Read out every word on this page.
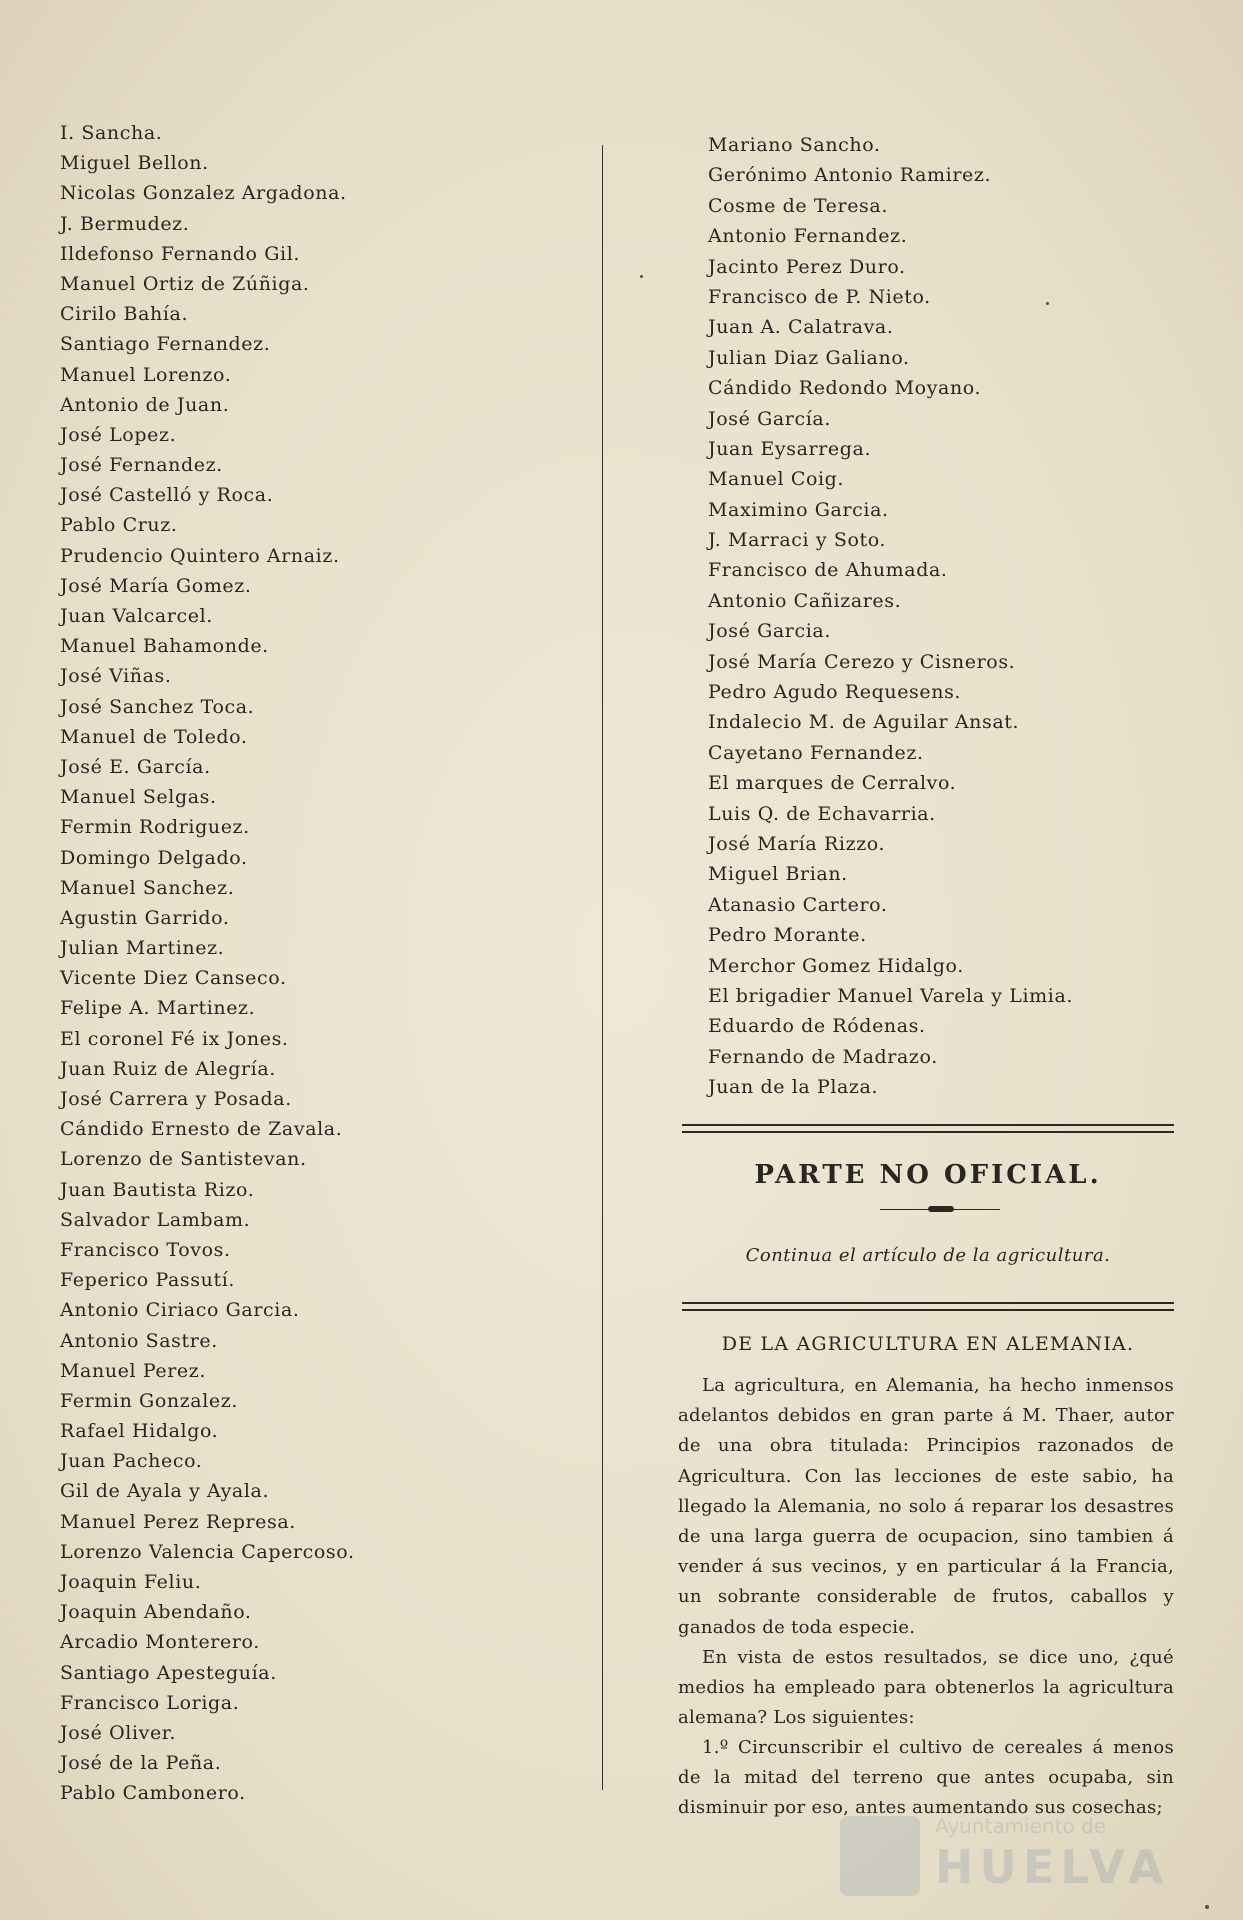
I. Sancha.
Miguel Bellon.
Nicolas Gonzalez Argadona.
J. Bermudez.
Ildefonso Fernando Gil.
Manuel Ortiz de Zúñiga.
Cirilo Bahía.
Santiago Fernandez.
Manuel Lorenzo.
Antonio de Juan.
José Lopez.
José Fernandez.
José Castelló y Roca.
Pablo Cruz.
Prudencio Quintero Arnaiz.
José María Gomez.
Juan Valcarcel.
Manuel Bahamonde.
José Viñas.
José Sanchez Toca.
Manuel de Toledo.
José E. García.
Manuel Selgas.
Fermin Rodriguez.
Domingo Delgado.
Manuel Sanchez.
Agustin Garrido.
Julian Martinez.
Vicente Diez Canseco.
Felipe A. Martinez.
El coronel Fé ix Jones.
Juan Ruiz de Alegría.
José Carrera y Posada.
Cándido Ernesto de Zavala.
Lorenzo de Santistevan.
Juan Bautista Rizo.
Salvador Lambam.
Francisco Tovos.
Feperico Passutí.
Antonio Ciriaco Garcia.
Antonio Sastre.
Manuel Perez.
Fermin Gonzalez.
Rafael Hidalgo.
Juan Pacheco.
Gil de Ayala y Ayala.
Manuel Perez Represa.
Lorenzo Valencia Capercoso.
Joaquin Feliu.
Joaquin Abendaño.
Arcadio Monterero.
Santiago Apesteguía.
Francisco Loriga.
José Oliver.
José de la Peña.
Pablo Cambonero.
Mariano Sancho.
Gerónimo Antonio Ramirez.
Cosme de Teresa.
Antonio Fernandez.
Jacinto Perez Duro.
Francisco de P. Nieto.
Juan A. Calatrava.
Julian Diaz Galiano.
Cándido Redondo Moyano.
José García.
Juan Eysarrega.
Manuel Coig.
Maximino Garcia.
J. Marraci y Soto.
Francisco de Ahumada.
Antonio Cañizares.
José Garcia.
José María Cerezo y Cisneros.
Pedro Agudo Requesens.
Indalecio M. de Aguilar Ansat.
Cayetano Fernandez.
El marques de Cerralvo.
Luis Q. de Echavarria.
José María Rizzo.
Miguel Brian.
Atanasio Cartero.
Pedro Morante.
Merchor Gomez Hidalgo.
El brigadier Manuel Varela y Limia.
Eduardo de Ródenas.
Fernando de Madrazo.
Juan de la Plaza.
PARTE NO OFICIAL.
Continua el artículo de la agricultura.
DE LA AGRICULTURA EN ALEMANIA.
La agricultura, en Alemania, ha hecho inmensos adelantos debidos en gran parte á M. Thaer, autor de una obra titulada: Principios razonados de Agricultura. Con las lecciones de este sabio, ha llegado la Alemania, no solo á reparar los desastres de una larga guerra de ocupacion, sino tambien á vender á sus vecinos, y en particular á la Francia, un sobrante considerable de frutos, caballos y ganados de toda especie.
En vista de estos resultados, se dice uno, ¿qué medios ha empleado para obtenerlos la agricultura alemana? Los siguientes:
1.º Circunscribir el cultivo de cereales á menos de la mitad del terreno que antes ocupaba, sin disminuir por eso, antes aumentando sus cosechas;
Ayuntamiento de
HUELVA
